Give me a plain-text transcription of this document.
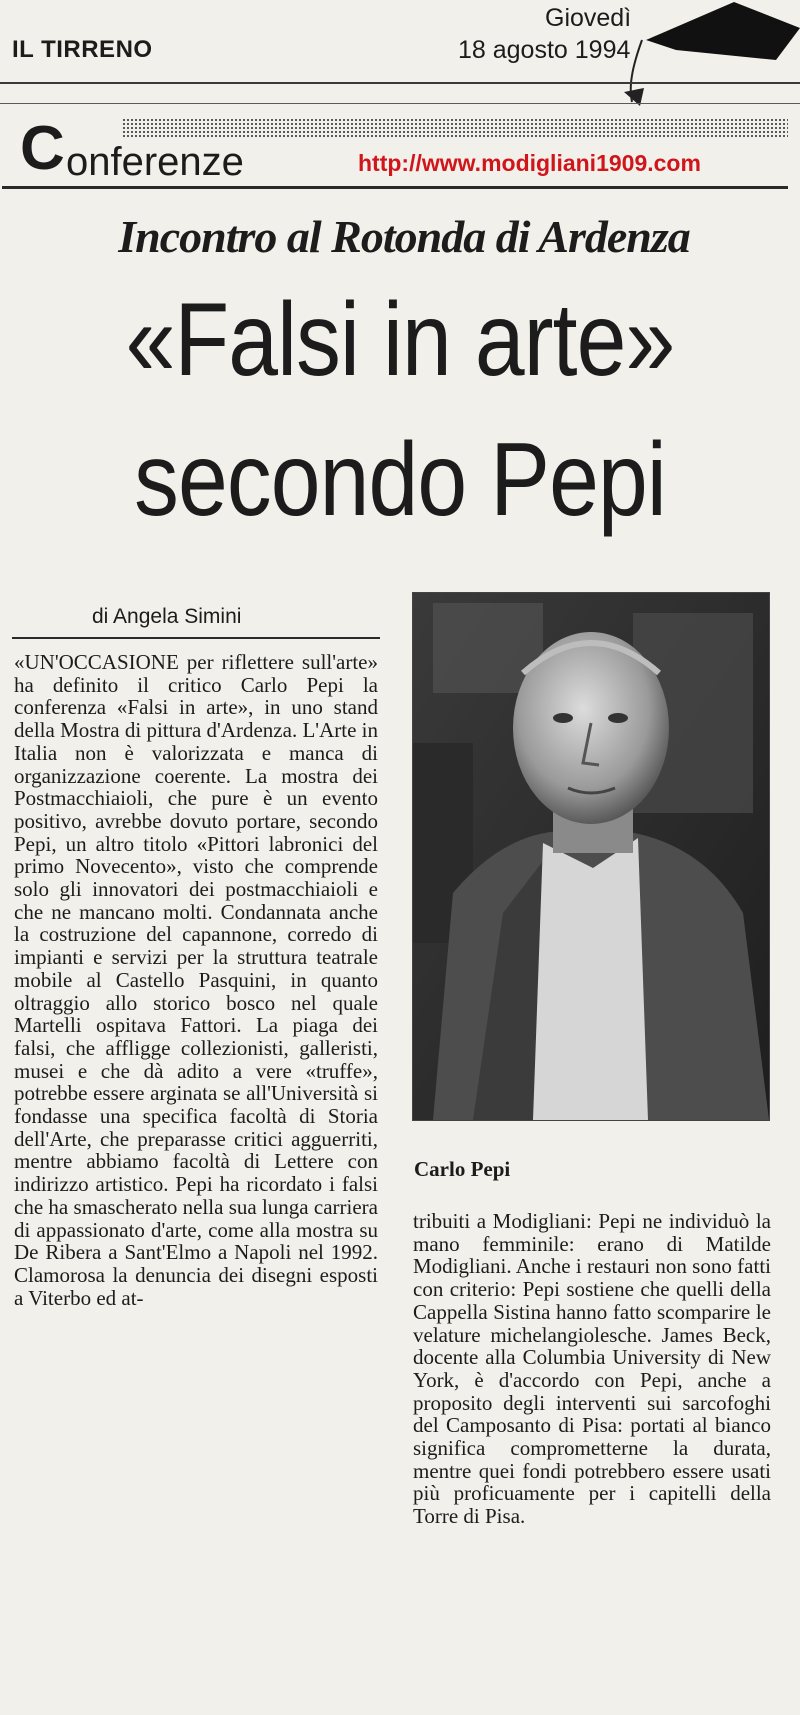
IL TIRRENO
Giovedì
18 agosto 1994
C onferenze	http://www.modigliani1909.com
Incontro al Rotonda di Ardenza
«Falsi in arte»
secondo Pepi
di Angela Simini
«UN'OCCASIONE per riflettere sull'arte» ha definito il critico Carlo Pepi la conferenza «Falsi in arte», in uno stand della Mostra di pittura d'Ardenza. L'Arte in Italia non è valorizzata e manca di organizzazione coerente. La mostra dei Postmacchiaioli, che pure è un evento positivo, avrebbe dovuto portare, secondo Pepi, un altro titolo «Pittori labronici del primo Novecento», visto che comprende solo gli innovatori dei postmacchiaioli e che ne mancano molti. Condannata anche la costruzione del capannone, corredo di impianti e servizi per la struttura teatrale mobile al Castello Pasquini, in quanto oltraggio allo storico bosco nel quale Martelli ospitava Fattori. La piaga dei falsi, che affligge collezionisti, galleristi, musei e che dà adito a vere «truffe», potrebbe essere arginata se all'Università si fondasse una specifica facoltà di Storia dell'Arte, che preparasse critici agguerriti, mentre abbiamo facoltà di Lettere con indirizzo artistico. Pepi ha ricordato i falsi che ha smascherato nella sua lunga carriera di appassionato d'arte, come alla mostra su De Ribera a Sant'Elmo a Napoli nel 1992. Clamorosa la denuncia dei disegni esposti a Viterbo ed at-
Carlo Pepi
tribuiti a Modigliani: Pepi ne individuò la mano femminile: erano di Matilde Modigliani. Anche i restauri non sono fatti con criterio: Pepi sostiene che quelli della Cappella Sistina hanno fatto scomparire le velature michelangiolesche. James Beck, docente alla Columbia University di New York, è d'accordo con Pepi, anche a proposito degli interventi sui sarcofoghi del Camposanto di Pisa: portati al bianco significa comprometterne la durata, mentre quei fondi potrebbero essere usati più proficuamente per i capitelli della Torre di Pisa.
